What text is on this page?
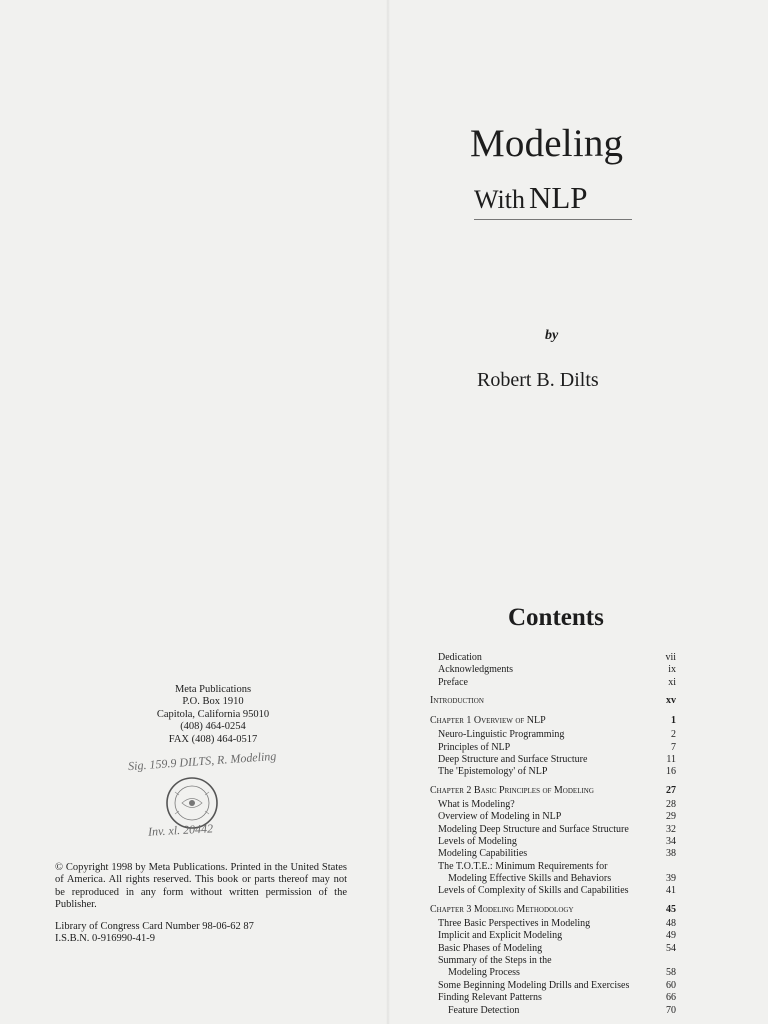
Modeling
With NLP
by
Robert B. Dilts
Meta Publications
P.O. Box 1910
Capitola, California 95010
(408) 464-0254
FAX (408) 464-0517
Sig. 159.9 DILTS, R. Modeling
Inv. xl. 20442
© Copyright 1998 by Meta Publications. Printed in the United States of America. All rights reserved. This book or parts thereof may not be reproduced in any form without written permission of the Publisher.
Library of Congress Card Number 98-06-62 87
I.S.B.N. 0-916990-41-9
Contents
Dedication	vii
Acknowledgments	ix
Preface	xi
Introduction	xv
Chapter 1 Overview of NLP	1
Neuro-Linguistic Programming	2
Principles of NLP	7
Deep Structure and Surface Structure	11
The 'Epistemology' of NLP	16
Chapter 2 Basic Principles of Modeling	27
What is Modeling?	28
Overview of Modeling in NLP	29
Modeling Deep Structure and Surface Structure	32
Levels of Modeling	34
Modeling Capabilities	38
The T.O.T.E.: Minimum Requirements for
Modeling Effective Skills and Behaviors	39
Levels of Complexity of Skills and Capabilities	41
Chapter 3 Modeling Methodology	45
Three Basic Perspectives in Modeling	48
Implicit and Explicit Modeling	49
Basic Phases of Modeling	54
Summary of the Steps in the
Modeling Process	58
Some Beginning Modeling Drills and Exercises	60
Finding Relevant Patterns	66
Feature Detection	70
